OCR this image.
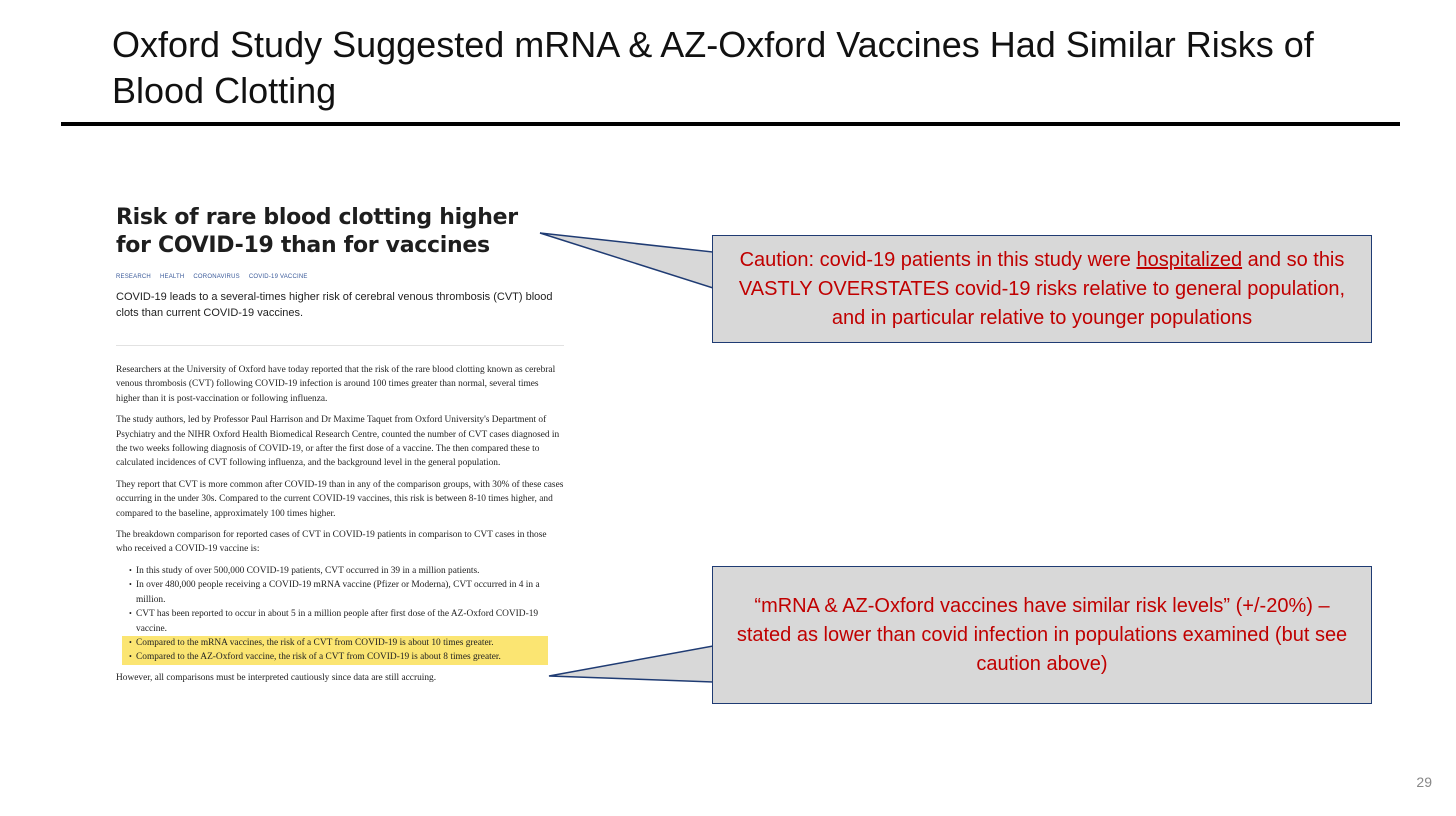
Oxford Study Suggested mRNA & AZ-Oxford Vaccines Had Similar Risks of Blood Clotting
Risk of rare blood clotting higher for COVID-19 than for vaccines
RESEARCH HEALTH CORONAVIRUS COVID-19 VACCINE
COVID-19 leads to a several-times higher risk of cerebral venous thrombosis (CVT) blood clots than current COVID-19 vaccines.

Researchers at the University of Oxford have today reported that the risk of the rare blood clotting known as cerebral venous thrombosis (CVT) following COVID-19 infection is around 100 times greater than normal, several times higher than it is post-vaccination or following influenza.

The study authors, led by Professor Paul Harrison and Dr Maxime Taquet from Oxford University's Department of Psychiatry and the NIHR Oxford Health Biomedical Research Centre, counted the number of CVT cases diagnosed in the two weeks following diagnosis of COVID-19, or after the first dose of a vaccine. The then compared these to calculated incidences of CVT following influenza, and the background level in the general population.

They report that CVT is more common after COVID-19 than in any of the comparison groups, with 30% of these cases occurring in the under 30s. Compared to the current COVID-19 vaccines, this risk is between 8-10 times higher, and compared to the baseline, approximately 100 times higher.

The breakdown comparison for reported cases of CVT in COVID-19 patients in comparison to CVT cases in those who received a COVID-19 vaccine is:

• In this study of over 500,000 COVID-19 patients, CVT occurred in 39 in a million patients.
• In over 480,000 people receiving a COVID-19 mRNA vaccine (Pfizer or Moderna), CVT occurred in 4 in a million.
• CVT has been reported to occur in about 5 in a million people after first dose of the AZ-Oxford COVID-19 vaccine.
• Compared to the mRNA vaccines, the risk of a CVT from COVID-19 is about 10 times greater.
• Compared to the AZ-Oxford vaccine, the risk of a CVT from COVID-19 is about 8 times greater.

However, all comparisons must be interpreted cautiously since data are still accruing.

Caution: covid-19 patients in this study were hospitalized and so this VASTLY OVERSTATES covid-19 risks relative to general population, and in particular relative to younger populations
“mRNA & AZ-Oxford vaccines have similar risk levels” (+/-20%) – stated as lower than covid infection in populations examined (but see caution above)
29
